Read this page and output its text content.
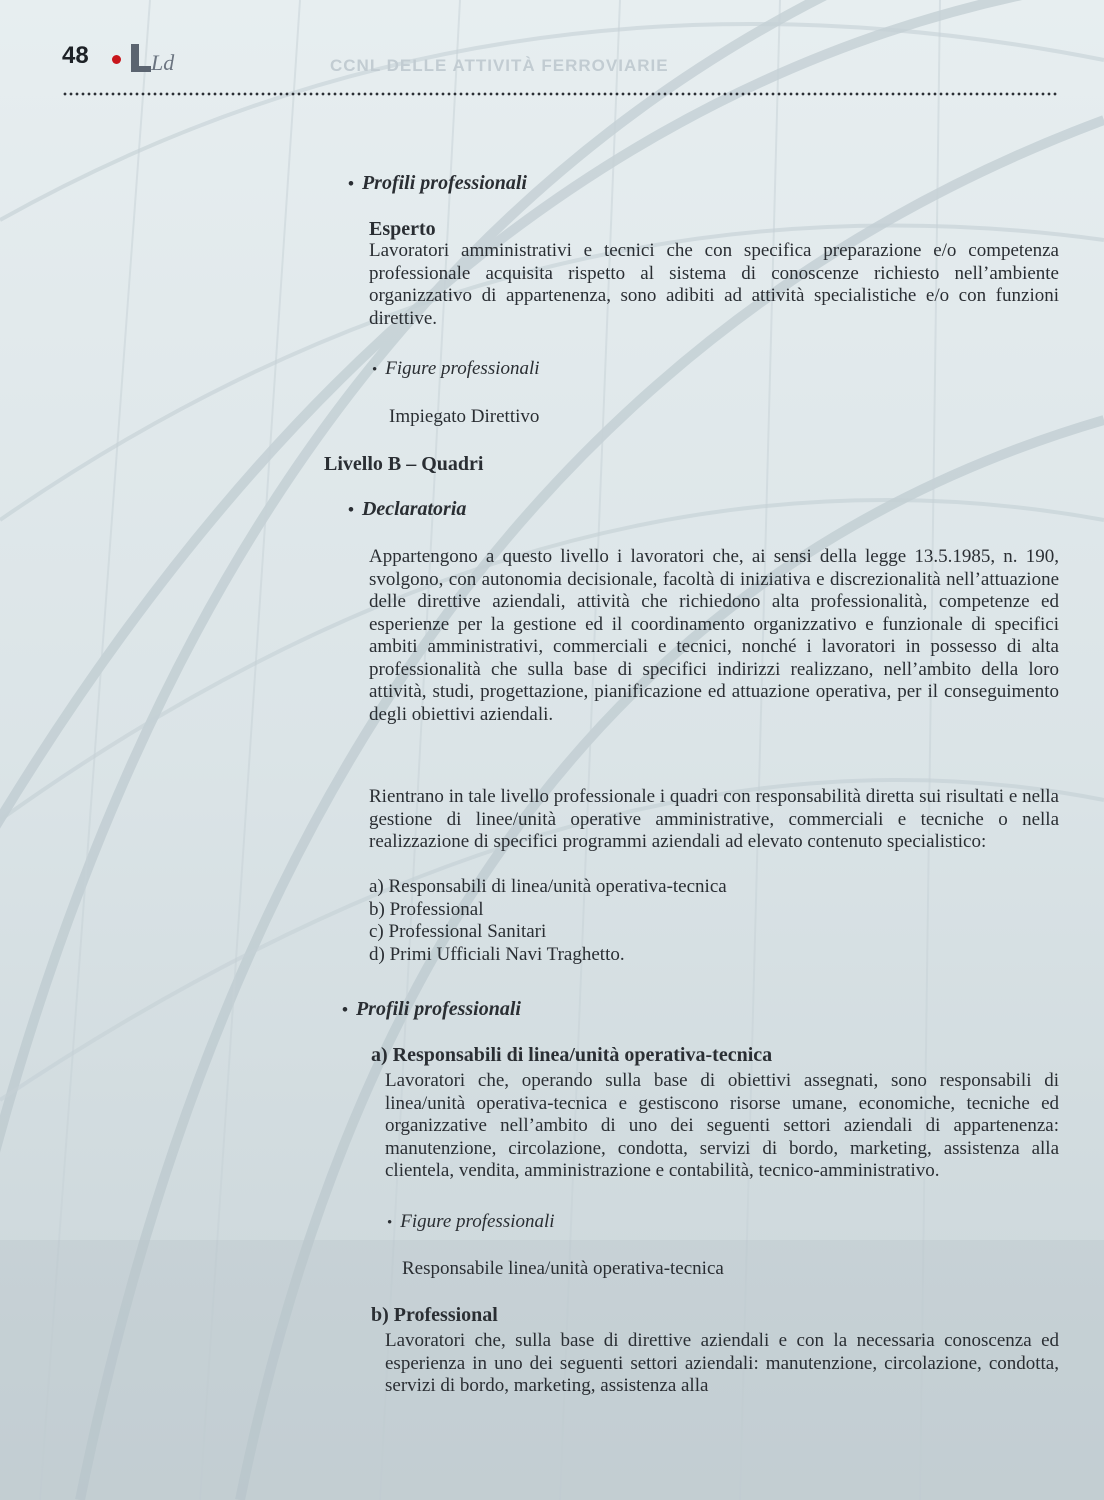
48	Ld	CCNL DELLE ATTIVITÀ FERROVIARIE

• Profili professionali

Esperto

Lavoratori amministrativi e tecnici che con specifica preparazione e/o competenza professionale acquisita rispetto al sistema di conoscenze richiesto nell’ambiente organizzativo di appartenenza, sono adibiti ad attività specialistiche e/o con funzioni direttive.

• Figure professionali

Impiegato Direttivo

Livello B – Quadri

• Declaratoria

Appartengono a questo livello i lavoratori che, ai sensi della legge 13.5.1985, n. 190, svolgono, con autonomia decisionale, facoltà di iniziativa e discrezionalità nell’attuazione delle direttive aziendali, attività che richiedono alta professionalità, competenze ed esperienze per la gestione ed il coordinamento organizzativo e funzionale di specifici ambiti amministrativi, commerciali e tecnici, nonché i lavoratori in possesso di alta professionalità che sulla base di specifici indirizzi realizzano, nell’ambito della loro attività, studi, progettazione, pianificazione ed attuazione operativa, per il conseguimento degli obiettivi aziendali.

Rientrano in tale livello professionale i quadri con responsabilità diretta sui risultati e nella gestione di linee/unità operative amministrative, commerciali e tecniche o nella realizzazione di specifici programmi aziendali ad elevato contenuto specialistico:

a) Responsabili di linea/unità operativa-tecnica
b) Professional
c) Professional Sanitari
d) Primi Ufficiali Navi Traghetto.

• Profili professionali

a) Responsabili di linea/unità operativa-tecnica

Lavoratori che, operando sulla base di obiettivi assegnati, sono responsabili di linea/unità operativa-tecnica e gestiscono risorse umane, economiche, tecniche ed organizzative nell’ambito di uno dei seguenti settori aziendali di appartenenza: manutenzione, circolazione, condotta, servizi di bordo, marketing, assistenza alla clientela, vendita, amministrazione e contabilità, tecnico-amministrativo.

• Figure professionali

Responsabile linea/unità operativa-tecnica

b) Professional

Lavoratori che, sulla base di direttive aziendali e con la necessaria conoscenza ed esperienza in uno dei seguenti settori aziendali: manutenzione, circolazione, condotta, servizi di bordo, marketing, assistenza alla
